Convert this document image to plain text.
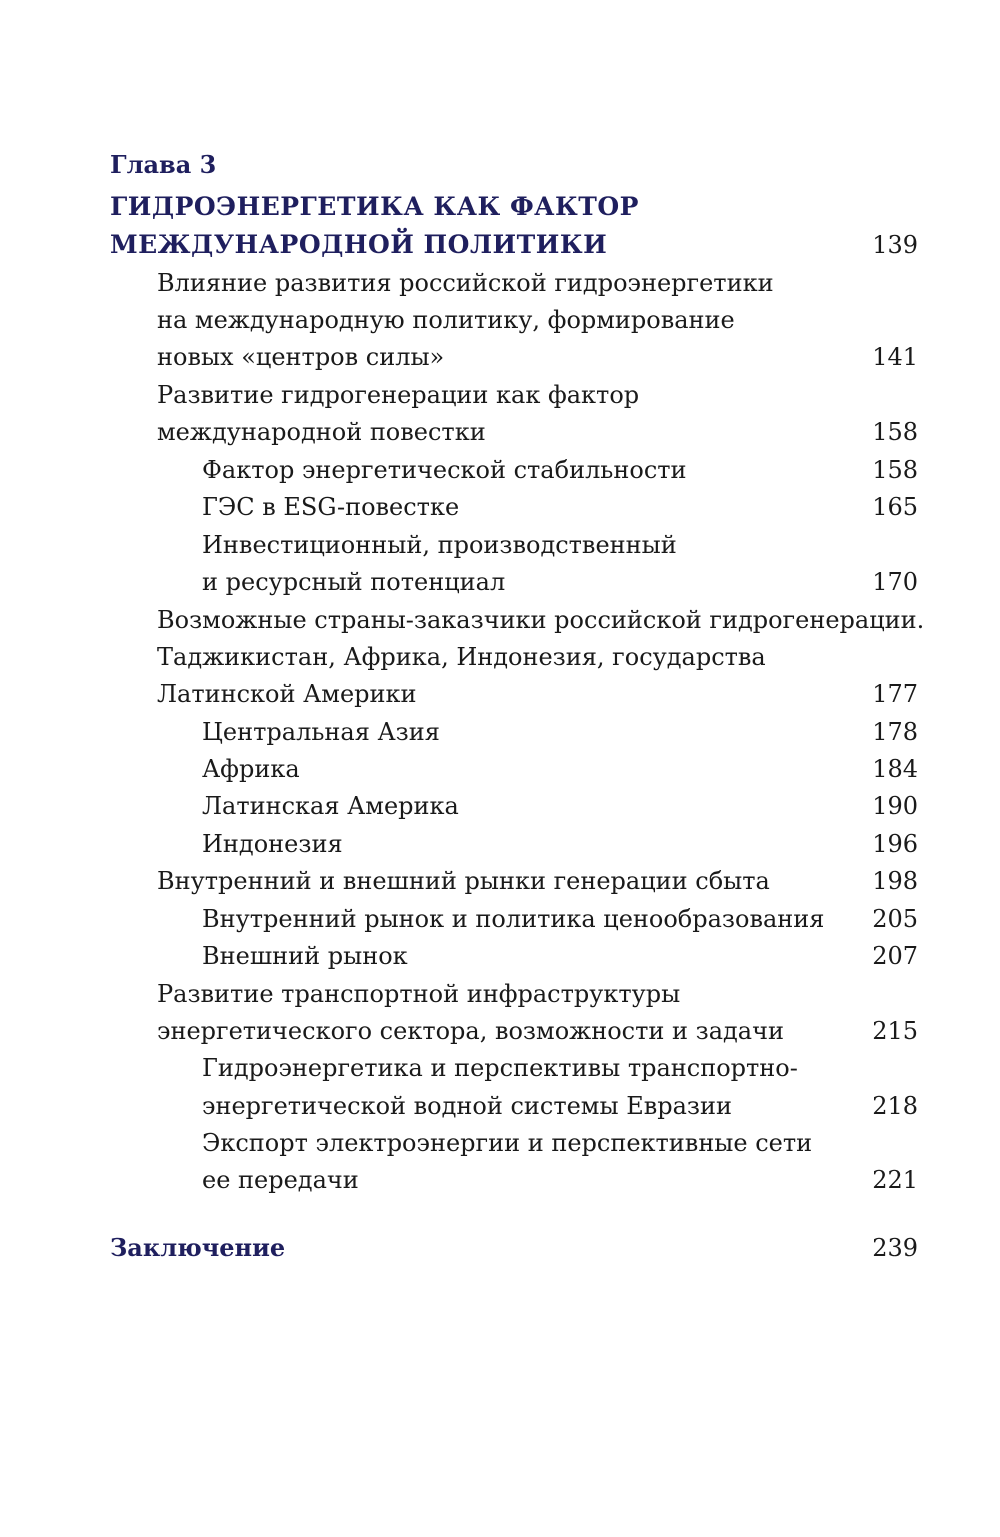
Глава 3
ГИДРОЭНЕРГЕТИКА КАК ФАКТОР
МЕЖДУНАРОДНОЙ ПОЛИТИКИ	139
Влияние развития российской гидроэнергетики
на международную политику, формирование
новых «центров силы»	141
Развитие гидрогенерации как фактор
международной повестки	158
Фактор энергетической стабильности	158
ГЭС в ESG-повестке	165
Инвестиционный, производственный
и ресурсный потенциал	170
Возможные страны-заказчики российской гидрогенерации.
Таджикистан, Африка, Индонезия, государства
Латинской Америки	177
Центральная Азия	178
Африка	184
Латинская Америка	190
Индонезия	196
Внутренний и внешний рынки генерации сбыта	198
Внутренний рынок и политика ценообразования 205
Внешний рынок	207
Развитие транспортной инфраструктуры
энергетического сектора, возможности и задачи	215
Гидроэнергетика и перспективы транспортно-
энергетической водной системы Евразии	218
Экспорт электроэнергии и перспективные сети
ее передачи	221
Заключение	239
